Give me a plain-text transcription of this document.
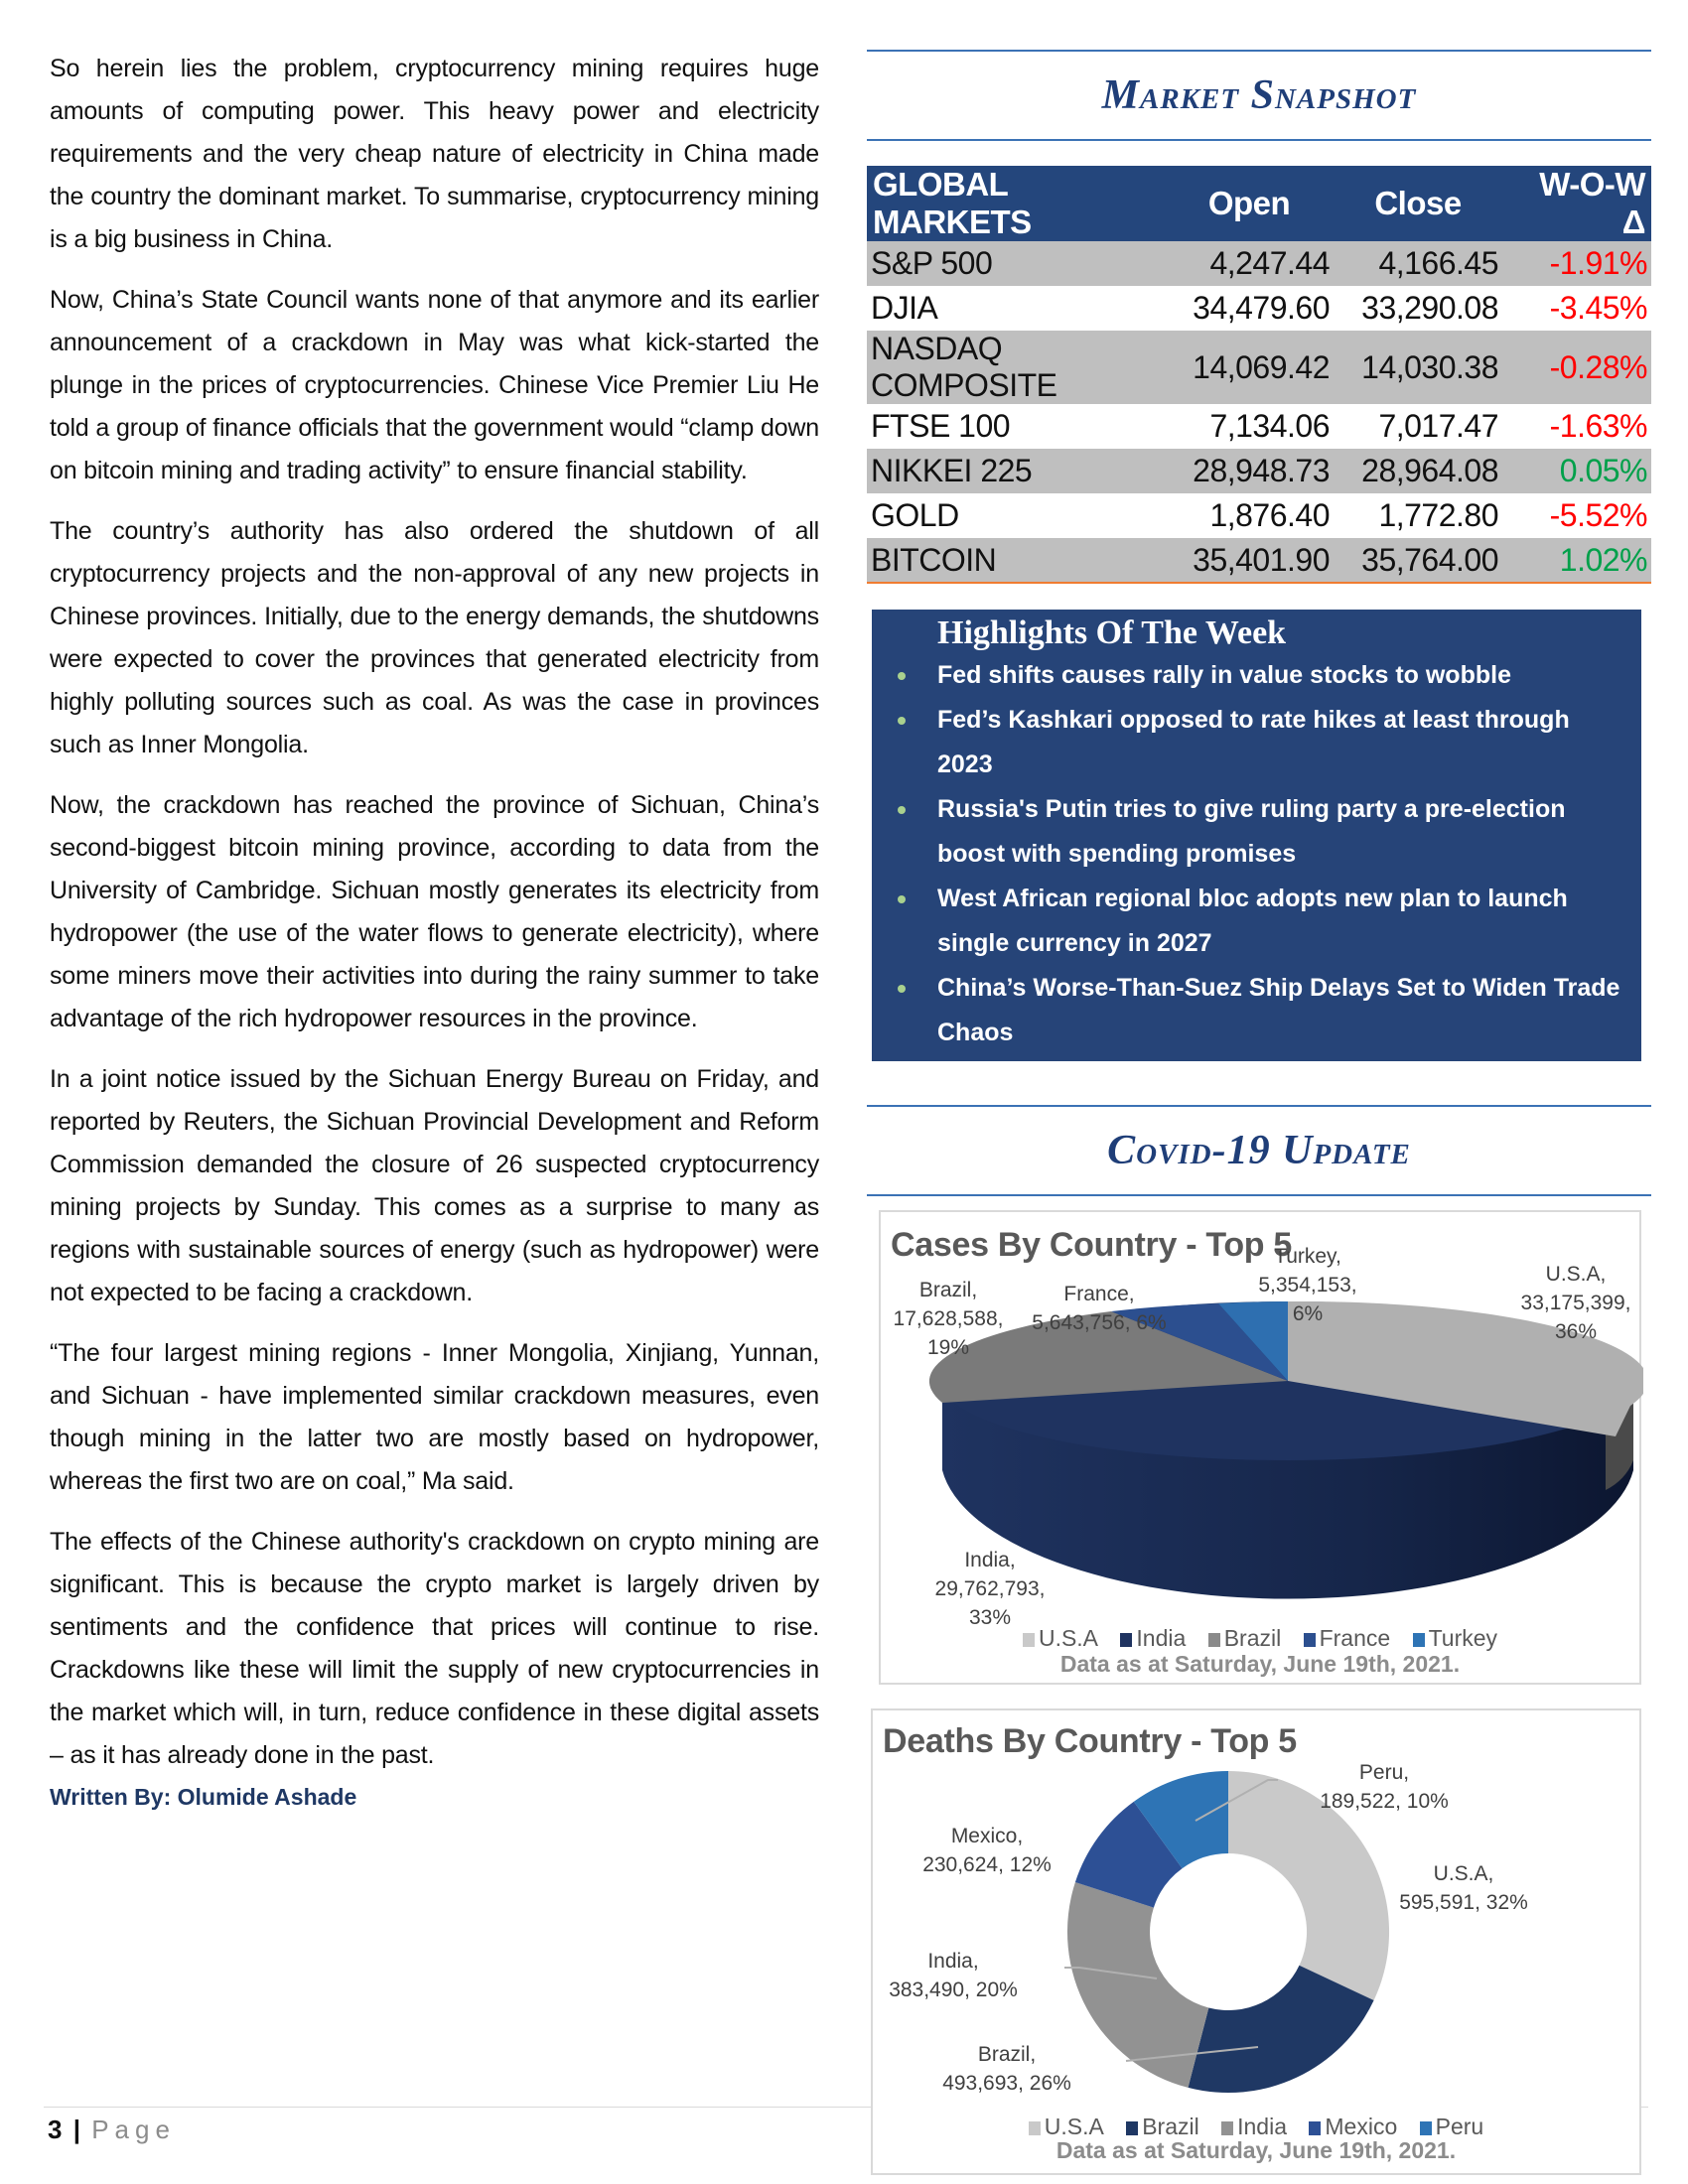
So herein lies the problem, cryptocurrency mining requires huge amounts of computing power. This heavy power and electricity requirements and the very cheap nature of electricity in China made the country the dominant market. To summarise, cryptocurrency mining is a big business in China.

Now, China’s State Council wants none of that anymore and its earlier announcement of a crackdown in May was what kick-started the plunge in the prices of cryptocurrencies. Chinese Vice Premier Liu He told a group of finance officials that the government would “clamp down on bitcoin mining and trading activity” to ensure financial stability.

The country’s authority has also ordered the shutdown of all cryptocurrency projects and the non-approval of any new projects in Chinese provinces. Initially, due to the energy demands, the shutdowns were expected to cover the provinces that generated electricity from highly polluting sources such as coal. As was the case in provinces such as Inner Mongolia.

Now, the crackdown has reached the province of Sichuan, China’s second-biggest bitcoin mining province, according to data from the University of Cambridge. Sichuan mostly generates its electricity from hydropower (the use of the water flows to generate electricity), where some miners move their activities into during the rainy summer to take advantage of the rich hydropower resources in the province.

In a joint notice issued by the Sichuan Energy Bureau on Friday, and reported by Reuters, the Sichuan Provincial Development and Reform Commission demanded the closure of 26 suspected cryptocurrency mining projects by Sunday. This comes as a surprise to many as regions with sustainable sources of energy (such as hydropower) were not expected to be facing a crackdown.

“The four largest mining regions - Inner Mongolia, Xinjiang, Yunnan, and Sichuan - have implemented similar crackdown measures, even though mining in the latter two are mostly based on hydropower, whereas the first two are on coal,” Ma said.

The effects of the Chinese authority's crackdown on crypto mining are significant. This is because the crypto market is largely driven by sentiments and the confidence that prices will continue to rise. Crackdowns like these will limit the supply of new cryptocurrencies in the market which will, in turn, reduce confidence in these digital assets – as it has already done in the past.

Written By: Olumide Ashade
3 | Page
Market Snapshot
GLOBAL MARKETS	Open	Close	W-O-W Δ
S&P 500	4,247.44	4,166.45	-1.91%
DJIA	34,479.60	33,290.08	-3.45%
NASDAQ COMPOSITE	14,069.42	14,030.38	-0.28%
FTSE 100	7,134.06	7,017.47	-1.63%
NIKKEI 225	28,948.73	28,964.08	0.05%
GOLD	1,876.40	1,772.80	-5.52%
BITCOIN	35,401.90	35,764.00	1.02%
Highlights Of The Week
Fed shifts causes rally in value stocks to wobble
Fed’s Kashkari opposed to rate hikes at least through 2023
Russia's Putin tries to give ruling party a pre-election boost with spending promises
West African regional bloc adopts new plan to launch single currency in 2027
China’s Worse-Than-Suez Ship Delays Set to Widen Trade Chaos
Covid-19 Update
Cases By Country - Top 5
Brazil,
17,628,588,
19%
France,
5,643,756, 6%
Turkey,
5,354,153,
6%
U.S.A,
33,175,399,
36%
India,
29,762,793,
33%
U.S.A India Brazil France Turkey
Data as at Saturday, June 19th, 2021.
Deaths By Country - Top 5
Peru,
189,522, 10%
U.S.A,
595,591, 32%
Mexico,
230,624, 12%
India,
383,490, 20%
Brazil,
493,693, 26%
U.S.A Brazil India Mexico Peru
Data as at Saturday, June 19th, 2021.
